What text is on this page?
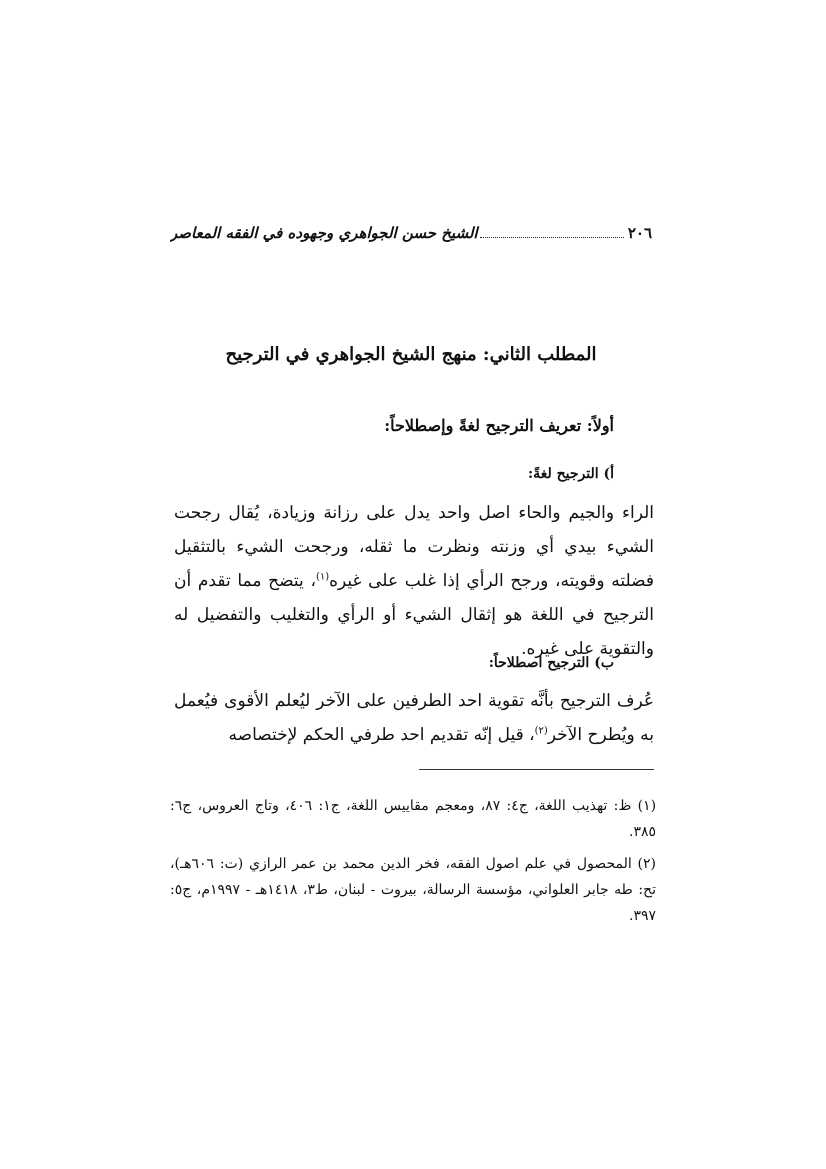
٢٠٦
الشيخ حسن الجواهري وجهوده في الفقه المعاصر
المطلب الثاني: منهج الشيخ الجواهري في الترجيح
أولاً: تعريف الترجيح لغةً وإصطلاحاً:
أ) الترجيح لغةً:
الراء والجيم والحاء اصل واحد يدل على رزانة وزيادة، يُقال رجحت الشيء بيدي أي وزنته ونظرت ما ثقله، ورجحت الشيء بالتثقيل فضلته وقويته، ورجح الرأي إذا غلب على غيره$^{(١)}$، يتضح مما تقدم أن الترجيح في اللغة هو إثقال الشيء أو الرأي والتغليب والتفضيل له والتقوية على غيره.
ب) الترجيح اصطلاحاً:
عُرف الترجيح بأنَّه تقوية احد الطرفين على الآخر ليُعلم الأقوى فيُعمل به ويُطرح الآخر$^{(٢)}$، قيل إنّه تقديم احد طرفي الحكم لإختصاصه
(١) ظ: تهذيب اللغة، ج٤: ٨٧، ومعجم مقاييس اللغة، ج١: ٤٠٦، وتاج العروس، ج٦: ٣٨٥.
(٢) المحصول في علم اصول الفقه، فخر الدين محمد بن عمر الرازي (ت: ٦٠٦هـ)، تح: طه جابر العلواني، مؤسسة الرسالة، بيروت - لبنان، ط٣، ١٤١٨هـ - ١٩٩٧م، ج٥: ٣٩٧.
